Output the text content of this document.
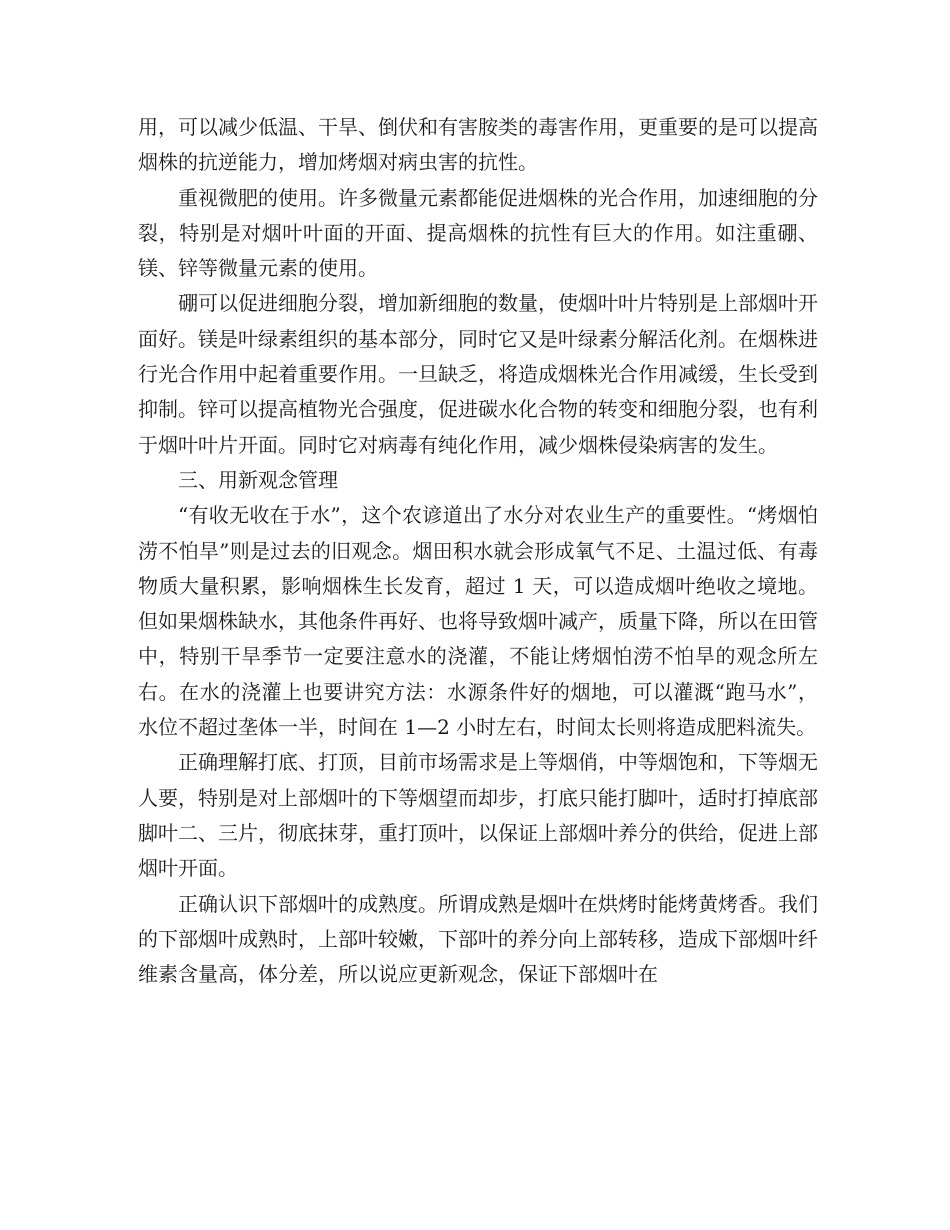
用，可以减少低温、干旱、倒伏和有害胺类的毒害作用，更重要的是可以提高烟株的抗逆能力，增加烤烟对病虫害的抗性。

重视微肥的使用。许多微量元素都能促进烟株的光合作用，加速细胞的分裂，特别是对烟叶叶面的开面、提高烟株的抗性有巨大的作用。如注重硼、镁、锌等微量元素的使用。

硼可以促进细胞分裂，增加新细胞的数量，使烟叶叶片特别是上部烟叶开面好。镁是叶绿素组织的基本部分，同时它又是叶绿素分解活化剂。在烟株进行光合作用中起着重要作用。一旦缺乏，将造成烟株光合作用减缓，生长受到抑制。锌可以提高植物光合强度，促进碳水化合物的转变和细胞分裂，也有利于烟叶叶片开面。同时它对病毒有纯化作用，减少烟株侵染病害的发生。

三、用新观念管理

“有收无收在于水”，这个农谚道出了水分对农业生产的重要性。“烤烟怕涝不怕旱”则是过去的旧观念。烟田积水就会形成氧气不足、土温过低、有毒物质大量积累，影响烟株生长发育，超过 1 天，可以造成烟叶绝收之境地。但如果烟株缺水，其他条件再好、也将导致烟叶减产，质量下降，所以在田管中，特别干旱季节一定要注意水的浇灌，不能让烤烟怕涝不怕旱的观念所左右。在水的浇灌上也要讲究方法：水源条件好的烟地，可以灌溉“跑马水”，水位不超过垄体一半，时间在 1—2 小时左右，时间太长则将造成肥料流失。

正确理解打底、打顶，目前市场需求是上等烟俏，中等烟饱和，下等烟无人要，特别是对上部烟叶的下等烟望而却步，打底只能打脚叶，适时打掉底部脚叶二、三片，彻底抹芽，重打顶叶，以保证上部烟叶养分的供给，促进上部烟叶开面。

正确认识下部烟叶的成熟度。所谓成熟是烟叶在烘烤时能烤黄烤香。我们的下部烟叶成熟时，上部叶较嫩，下部叶的养分向上部转移，造成下部烟叶纤维素含量高，体分差，所以说应更新观念，保证下部烟叶在
